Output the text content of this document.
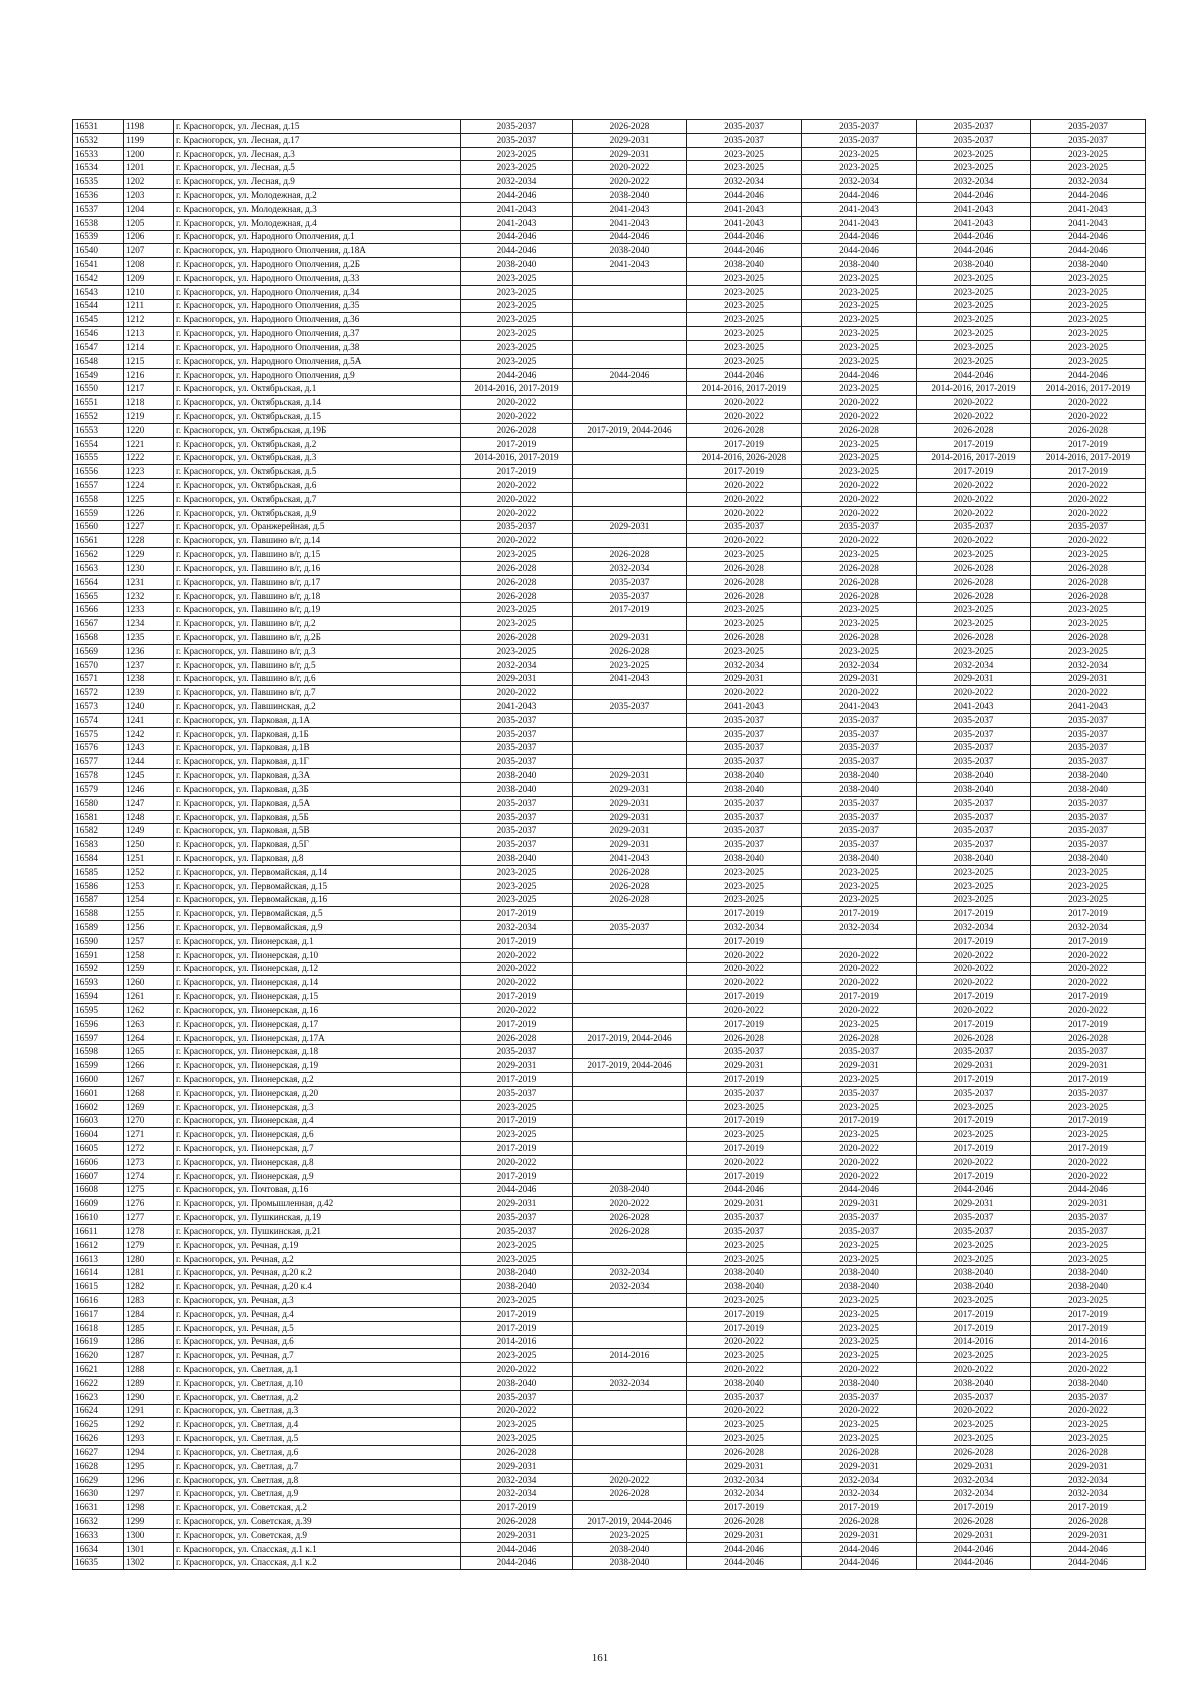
16531	1198	г. Красногорск, ул. Лесная, д.15	2035-2037	2026-2028	2035-2037	2035-2037	2035-2037	2035-2037
16532	1199	г. Красногорск, ул. Лесная, д.17	2035-2037	2029-2031	2035-2037	2035-2037	2035-2037	2035-2037
16533	1200	г. Красногорск, ул. Лесная, д.3	2023-2025	2029-2031	2023-2025	2023-2025	2023-2025	2023-2025
16534	1201	г. Красногорск, ул. Лесная, д.5	2023-2025	2020-2022	2023-2025	2023-2025	2023-2025	2023-2025
16535	1202	г. Красногорск, ул. Лесная, д.9	2032-2034	2020-2022	2032-2034	2032-2034	2032-2034	2032-2034
16536	1203	г. Красногорск, ул. Молодежная, д.2	2044-2046	2038-2040	2044-2046	2044-2046	2044-2046	2044-2046
16537	1204	г. Красногорск, ул. Молодежная, д.3	2041-2043	2041-2043	2041-2043	2041-2043	2041-2043	2041-2043
16538	1205	г. Красногорск, ул. Молодежная, д.4	2041-2043	2041-2043	2041-2043	2041-2043	2041-2043	2041-2043
16539	1206	г. Красногорск, ул. Народного Ополчения, д.1	2044-2046	2044-2046	2044-2046	2044-2046	2044-2046	2044-2046
16540	1207	г. Красногорск, ул. Народного Ополчения, д.18А	2044-2046	2038-2040	2044-2046	2044-2046	2044-2046	2044-2046
16541	1208	г. Красногорск, ул. Народного Ополчения, д.2Б	2038-2040	2041-2043	2038-2040	2038-2040	2038-2040	2038-2040
16542	1209	г. Красногорск, ул. Народного Ополчения, д.33	2023-2025		2023-2025	2023-2025	2023-2025	2023-2025
16543	1210	г. Красногорск, ул. Народного Ополчения, д.34	2023-2025		2023-2025	2023-2025	2023-2025	2023-2025
16544	1211	г. Красногорск, ул. Народного Ополчения, д.35	2023-2025		2023-2025	2023-2025	2023-2025	2023-2025
16545	1212	г. Красногорск, ул. Народного Ополчения, д.36	2023-2025		2023-2025	2023-2025	2023-2025	2023-2025
16546	1213	г. Красногорск, ул. Народного Ополчения, д.37	2023-2025		2023-2025	2023-2025	2023-2025	2023-2025
16547	1214	г. Красногорск, ул. Народного Ополчения, д.38	2023-2025		2023-2025	2023-2025	2023-2025	2023-2025
16548	1215	г. Красногорск, ул. Народного Ополчения, д.5А	2023-2025		2023-2025	2023-2025	2023-2025	2023-2025
16549	1216	г. Красногорск, ул. Народного Ополчения, д.9	2044-2046	2044-2046	2044-2046	2044-2046	2044-2046	2044-2046
16550	1217	г. Красногорск, ул. Октябрьская, д.1	2014-2016, 2017-2019		2014-2016, 2017-2019	2023-2025	2014-2016, 2017-2019	2014-2016, 2017-2019
16551	1218	г. Красногорск, ул. Октябрьская, д.14	2020-2022		2020-2022	2020-2022	2020-2022	2020-2022
16552	1219	г. Красногорск, ул. Октябрьская, д.15	2020-2022		2020-2022	2020-2022	2020-2022	2020-2022
16553	1220	г. Красногорск, ул. Октябрьская, д.19Б	2026-2028	2017-2019, 2044-2046	2026-2028	2026-2028	2026-2028	2026-2028
16554	1221	г. Красногорск, ул. Октябрьская, д.2	2017-2019		2017-2019	2023-2025	2017-2019	2017-2019
16555	1222	г. Красногорск, ул. Октябрьская, д.3	2014-2016, 2017-2019		2014-2016, 2026-2028	2023-2025	2014-2016, 2017-2019	2014-2016, 2017-2019
16556	1223	г. Красногорск, ул. Октябрьская, д.5	2017-2019		2017-2019	2023-2025	2017-2019	2017-2019
16557	1224	г. Красногорск, ул. Октябрьская, д.6	2020-2022		2020-2022	2020-2022	2020-2022	2020-2022
16558	1225	г. Красногорск, ул. Октябрьская, д.7	2020-2022		2020-2022	2020-2022	2020-2022	2020-2022
16559	1226	г. Красногорск, ул. Октябрьская, д.9	2020-2022		2020-2022	2020-2022	2020-2022	2020-2022
16560	1227	г. Красногорск, ул. Оранжерейная, д.5	2035-2037	2029-2031	2035-2037	2035-2037	2035-2037	2035-2037
16561	1228	г. Красногорск, ул. Павшино в/г, д.14	2020-2022		2020-2022	2020-2022	2020-2022	2020-2022
16562	1229	г. Красногорск, ул. Павшино в/г, д.15	2023-2025	2026-2028	2023-2025	2023-2025	2023-2025	2023-2025
16563	1230	г. Красногорск, ул. Павшино в/г, д.16	2026-2028	2032-2034	2026-2028	2026-2028	2026-2028	2026-2028
16564	1231	г. Красногорск, ул. Павшино в/г, д.17	2026-2028	2035-2037	2026-2028	2026-2028	2026-2028	2026-2028
16565	1232	г. Красногорск, ул. Павшино в/г, д.18	2026-2028	2035-2037	2026-2028	2026-2028	2026-2028	2026-2028
16566	1233	г. Красногорск, ул. Павшино в/г, д.19	2023-2025	2017-2019	2023-2025	2023-2025	2023-2025	2023-2025
16567	1234	г. Красногорск, ул. Павшино в/г, д.2	2023-2025		2023-2025	2023-2025	2023-2025	2023-2025
16568	1235	г. Красногорск, ул. Павшино в/г, д.2Б	2026-2028	2029-2031	2026-2028	2026-2028	2026-2028	2026-2028
16569	1236	г. Красногорск, ул. Павшино в/г, д.3	2023-2025	2026-2028	2023-2025	2023-2025	2023-2025	2023-2025
16570	1237	г. Красногорск, ул. Павшино в/г, д.5	2032-2034	2023-2025	2032-2034	2032-2034	2032-2034	2032-2034
16571	1238	г. Красногорск, ул. Павшино в/г, д.6	2029-2031	2041-2043	2029-2031	2029-2031	2029-2031	2029-2031
16572	1239	г. Красногорск, ул. Павшино в/г, д.7	2020-2022		2020-2022	2020-2022	2020-2022	2020-2022
16573	1240	г. Красногорск, ул. Павшинская, д.2	2041-2043	2035-2037	2041-2043	2041-2043	2041-2043	2041-2043
16574	1241	г. Красногорск, ул. Парковая, д.1А	2035-2037		2035-2037	2035-2037	2035-2037	2035-2037
16575	1242	г. Красногорск, ул. Парковая, д.1Б	2035-2037		2035-2037	2035-2037	2035-2037	2035-2037
16576	1243	г. Красногорск, ул. Парковая, д.1В	2035-2037		2035-2037	2035-2037	2035-2037	2035-2037
16577	1244	г. Красногорск, ул. Парковая, д.1Г	2035-2037		2035-2037	2035-2037	2035-2037	2035-2037
16578	1245	г. Красногорск, ул. Парковая, д.3А	2038-2040	2029-2031	2038-2040	2038-2040	2038-2040	2038-2040
16579	1246	г. Красногорск, ул. Парковая, д.3Б	2038-2040	2029-2031	2038-2040	2038-2040	2038-2040	2038-2040
16580	1247	г. Красногорск, ул. Парковая, д.5А	2035-2037	2029-2031	2035-2037	2035-2037	2035-2037	2035-2037
16581	1248	г. Красногорск, ул. Парковая, д.5Б	2035-2037	2029-2031	2035-2037	2035-2037	2035-2037	2035-2037
16582	1249	г. Красногорск, ул. Парковая, д.5В	2035-2037	2029-2031	2035-2037	2035-2037	2035-2037	2035-2037
16583	1250	г. Красногорск, ул. Парковая, д.5Г	2035-2037	2029-2031	2035-2037	2035-2037	2035-2037	2035-2037
16584	1251	г. Красногорск, ул. Парковая, д.8	2038-2040	2041-2043	2038-2040	2038-2040	2038-2040	2038-2040
16585	1252	г. Красногорск, ул. Первомайская, д.14	2023-2025	2026-2028	2023-2025	2023-2025	2023-2025	2023-2025
16586	1253	г. Красногорск, ул. Первомайская, д.15	2023-2025	2026-2028	2023-2025	2023-2025	2023-2025	2023-2025
16587	1254	г. Красногорск, ул. Первомайская, д.16	2023-2025	2026-2028	2023-2025	2023-2025	2023-2025	2023-2025
16588	1255	г. Красногорск, ул. Первомайская, д.5	2017-2019		2017-2019	2017-2019	2017-2019	2017-2019
16589	1256	г. Красногорск, ул. Первомайская, д.9	2032-2034	2035-2037	2032-2034	2032-2034	2032-2034	2032-2034
16590	1257	г. Красногорск, ул. Пионерская, д.1	2017-2019		2017-2019		2017-2019	2017-2019
16591	1258	г. Красногорск, ул. Пионерская, д.10	2020-2022		2020-2022	2020-2022	2020-2022	2020-2022
16592	1259	г. Красногорск, ул. Пионерская, д.12	2020-2022		2020-2022	2020-2022	2020-2022	2020-2022
16593	1260	г. Красногорск, ул. Пионерская, д.14	2020-2022		2020-2022	2020-2022	2020-2022	2020-2022
16594	1261	г. Красногорск, ул. Пионерская, д.15	2017-2019		2017-2019	2017-2019	2017-2019	2017-2019
16595	1262	г. Красногорск, ул. Пионерская, д.16	2020-2022		2020-2022	2020-2022	2020-2022	2020-2022
16596	1263	г. Красногорск, ул. Пионерская, д.17	2017-2019		2017-2019	2023-2025	2017-2019	2017-2019
16597	1264	г. Красногорск, ул. Пионерская, д.17А	2026-2028	2017-2019, 2044-2046	2026-2028	2026-2028	2026-2028	2026-2028
16598	1265	г. Красногорск, ул. Пионерская, д.18	2035-2037		2035-2037	2035-2037	2035-2037	2035-2037
16599	1266	г. Красногорск, ул. Пионерская, д.19	2029-2031	2017-2019, 2044-2046	2029-2031	2029-2031	2029-2031	2029-2031
16600	1267	г. Красногорск, ул. Пионерская, д.2	2017-2019		2017-2019	2023-2025	2017-2019	2017-2019
16601	1268	г. Красногорск, ул. Пионерская, д.20	2035-2037		2035-2037	2035-2037	2035-2037	2035-2037
16602	1269	г. Красногорск, ул. Пионерская, д.3	2023-2025		2023-2025	2023-2025	2023-2025	2023-2025
16603	1270	г. Красногорск, ул. Пионерская, д.4	2017-2019		2017-2019	2017-2019	2017-2019	2017-2019
16604	1271	г. Красногорск, ул. Пионерская, д.6	2023-2025		2023-2025	2023-2025	2023-2025	2023-2025
16605	1272	г. Красногорск, ул. Пионерская, д.7	2017-2019		2017-2019	2020-2022	2017-2019	2017-2019
16606	1273	г. Красногорск, ул. Пионерская, д.8	2020-2022		2020-2022	2020-2022	2020-2022	2020-2022
16607	1274	г. Красногорск, ул. Пионерская, д.9	2017-2019		2017-2019	2020-2022	2017-2019	2020-2022
16608	1275	г. Красногорск, ул. Почтовая, д.16	2044-2046	2038-2040	2044-2046	2044-2046	2044-2046	2044-2046
16609	1276	г. Красногорск, ул. Промышленная, д.42	2029-2031	2020-2022	2029-2031	2029-2031	2029-2031	2029-2031
16610	1277	г. Красногорск, ул. Пушкинская, д.19	2035-2037	2026-2028	2035-2037	2035-2037	2035-2037	2035-2037
16611	1278	г. Красногорск, ул. Пушкинская, д.21	2035-2037	2026-2028	2035-2037	2035-2037	2035-2037	2035-2037
16612	1279	г. Красногорск, ул. Речная, д.19	2023-2025		2023-2025	2023-2025	2023-2025	2023-2025
16613	1280	г. Красногорск, ул. Речная, д.2	2023-2025		2023-2025	2023-2025	2023-2025	2023-2025
16614	1281	г. Красногорск, ул. Речная, д.20 к.2	2038-2040	2032-2034	2038-2040	2038-2040	2038-2040	2038-2040
16615	1282	г. Красногорск, ул. Речная, д.20 к.4	2038-2040	2032-2034	2038-2040	2038-2040	2038-2040	2038-2040
16616	1283	г. Красногорск, ул. Речная, д.3	2023-2025		2023-2025	2023-2025	2023-2025	2023-2025
16617	1284	г. Красногорск, ул. Речная, д.4	2017-2019		2017-2019	2023-2025	2017-2019	2017-2019
16618	1285	г. Красногорск, ул. Речная, д.5	2017-2019		2017-2019	2023-2025	2017-2019	2017-2019
16619	1286	г. Красногорск, ул. Речная, д.6	2014-2016		2020-2022	2023-2025	2014-2016	2014-2016
16620	1287	г. Красногорск, ул. Речная, д.7	2023-2025	2014-2016	2023-2025	2023-2025	2023-2025	2023-2025
16621	1288	г. Красногорск, ул. Светлая, д.1	2020-2022		2020-2022	2020-2022	2020-2022	2020-2022
16622	1289	г. Красногорск, ул. Светлая, д.10	2038-2040	2032-2034	2038-2040	2038-2040	2038-2040	2038-2040
16623	1290	г. Красногорск, ул. Светлая, д.2	2035-2037		2035-2037	2035-2037	2035-2037	2035-2037
16624	1291	г. Красногорск, ул. Светлая, д.3	2020-2022		2020-2022	2020-2022	2020-2022	2020-2022
16625	1292	г. Красногорск, ул. Светлая, д.4	2023-2025		2023-2025	2023-2025	2023-2025	2023-2025
16626	1293	г. Красногорск, ул. Светлая, д.5	2023-2025		2023-2025	2023-2025	2023-2025	2023-2025
16627	1294	г. Красногорск, ул. Светлая, д.6	2026-2028		2026-2028	2026-2028	2026-2028	2026-2028
16628	1295	г. Красногорск, ул. Светлая, д.7	2029-2031		2029-2031	2029-2031	2029-2031	2029-2031
16629	1296	г. Красногорск, ул. Светлая, д.8	2032-2034	2020-2022	2032-2034	2032-2034	2032-2034	2032-2034
16630	1297	г. Красногорск, ул. Светлая, д.9	2032-2034	2026-2028	2032-2034	2032-2034	2032-2034	2032-2034
16631	1298	г. Красногорск, ул. Советская, д.2	2017-2019		2017-2019	2017-2019	2017-2019	2017-2019
16632	1299	г. Красногорск, ул. Советская, д.39	2026-2028	2017-2019, 2044-2046	2026-2028	2026-2028	2026-2028	2026-2028
16633	1300	г. Красногорск, ул. Советская, д.9	2029-2031	2023-2025	2029-2031	2029-2031	2029-2031	2029-2031
16634	1301	г. Красногорск, ул. Спасская, д.1 к.1	2044-2046	2038-2040	2044-2046	2044-2046	2044-2046	2044-2046
16635	1302	г. Красногорск, ул. Спасская, д.1 к.2	2044-2046	2038-2040	2044-2046	2044-2046	2044-2046	2044-2046
161
